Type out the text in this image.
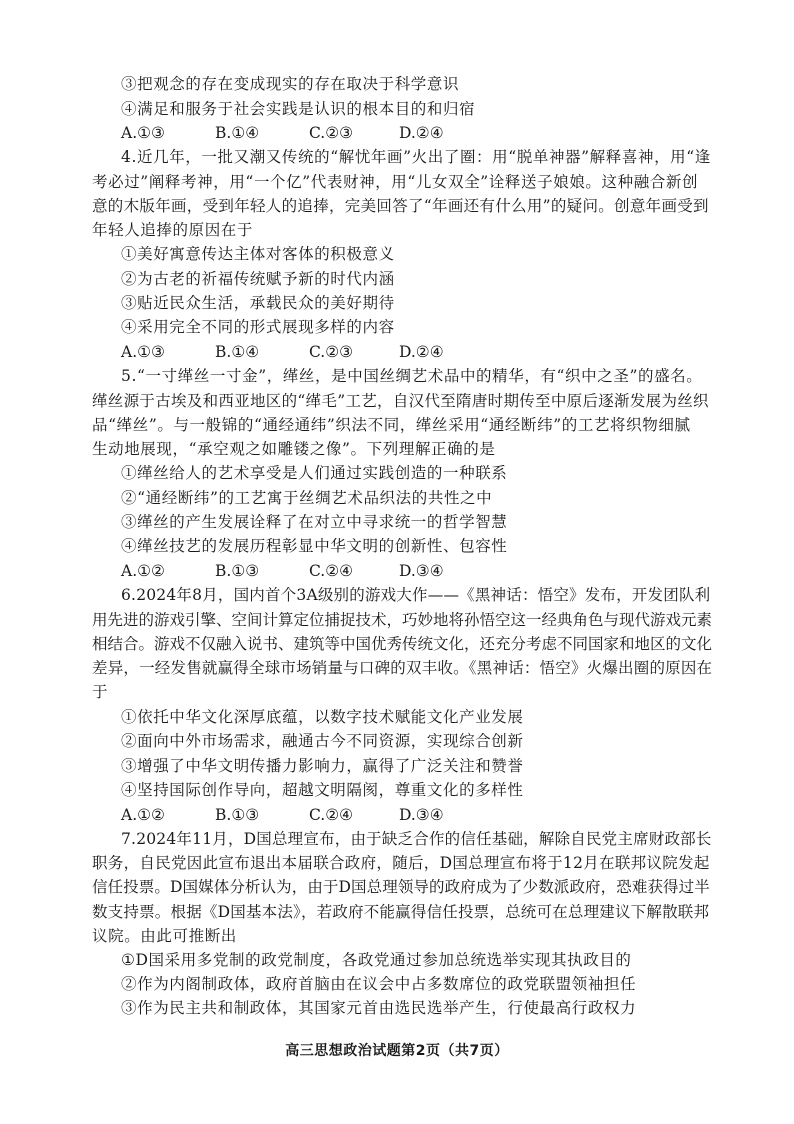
③把观念的存在变成现实的存在取决于科学意识
④满足和服务于社会实践是认识的根本目的和归宿
A.①③	B.①④	C.②③	D.②④
4.近几年，一批又潮又传统的“解忧年画”火出了圈：用“脱单神器”解释喜神，用“逢
考必过”阐释考神，用“一个亿”代表财神，用“儿女双全”诠释送子娘娘。这种融合新创
意的木版年画，受到年轻人的追捧，完美回答了“年画还有什么用”的疑问。创意年画受到
年轻人追捧的原因在于
①美好寓意传达主体对客体的积极意义
②为古老的祈福传统赋予新的时代内涵
③贴近民众生活，承载民众的美好期待
④采用完全不同的形式展现多样的内容
A.①③	B.①④	C.②③	D.②④
5.“一寸缂丝一寸金”，缂丝，是中国丝绸艺术品中的精华，有“织中之圣”的盛名。
缂丝源于古埃及和西亚地区的“缂毛”工艺，自汉代至隋唐时期传至中原后逐渐发展为丝织
品“缂丝”。与一般锦的“通经通纬”织法不同，缂丝采用“通经断纬”的工艺将织物细腻
生动地展现，“承空观之如雕镂之像”。下列理解正确的是
①缂丝给人的艺术享受是人们通过实践创造的一种联系
②“通经断纬”的工艺寓于丝绸艺术品织法的共性之中
③缂丝的产生发展诠释了在对立中寻求统一的哲学智慧
④缂丝技艺的发展历程彰显中华文明的创新性、包容性
A.①②	B.①③	C.②④	D.③④
6.2024年8月，国内首个3A级别的游戏大作——《黑神话：悟空》发布，开发团队利
用先进的游戏引擎、空间计算定位捕捉技术，巧妙地将孙悟空这一经典角色与现代游戏元素
相结合。游戏不仅融入说书、建筑等中国优秀传统文化，还充分考虑不同国家和地区的文化
差异，一经发售就赢得全球市场销量与口碑的双丰收。《黑神话：悟空》火爆出圈的原因在
于
①依托中华文化深厚底蕴，以数字技术赋能文化产业发展
②面向中外市场需求，融通古今不同资源，实现综合创新
③增强了中华文明传播力影响力，赢得了广泛关注和赞誉
④坚持国际创作导向，超越文明隔阂，尊重文化的多样性
A.①②	B.①③	C.②④	D.③④
7.2024年11月，D国总理宣布，由于缺乏合作的信任基础，解除自民党主席财政部长
职务，自民党因此宣布退出本届联合政府，随后，D国总理宣布将于12月在联邦议院发起
信任投票。D国媒体分析认为，由于D国总理领导的政府成为了少数派政府，恐难获得过半
数支持票。根据《D国基本法》，若政府不能赢得信任投票，总统可在总理建议下解散联邦
议院。由此可推断出
①D国采用多党制的政党制度，各政党通过参加总统选举实现其执政目的
②作为内阁制政体，政府首脑由在议会中占多数席位的政党联盟领袖担任
③作为民主共和制政体，其国家元首由选民选举产生，行使最高行政权力
高三思想政治试题第2页（共7页）
